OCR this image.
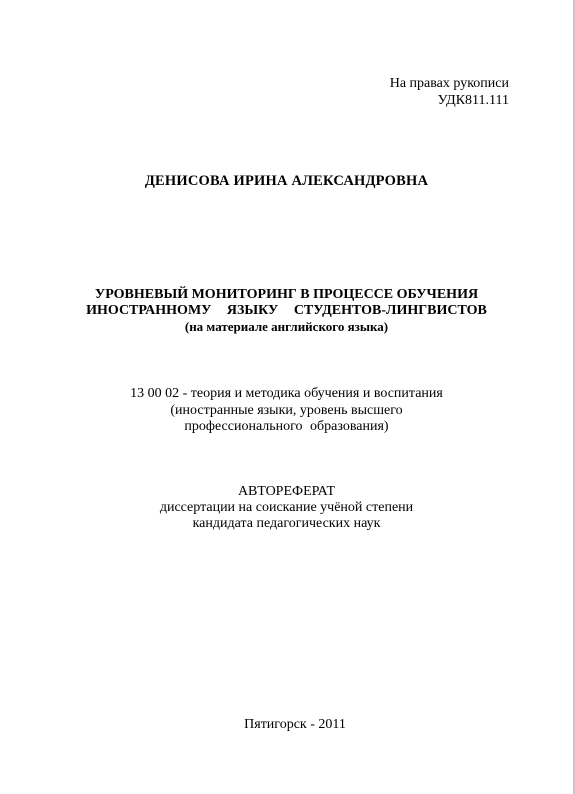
На правах рукописи
УДК811.111
ДЕНИСОВА ИРИНА АЛЕКСАНДРОВНА
УРОВНЕВЫЙ МОНИТОРИНГ В ПРОЦЕССЕ ОБУЧЕНИЯ
ИНОСТРАННОМУ ЯЗЫКУ СТУДЕНТОВ-ЛИНГВИСТОВ
(на материале английского языка)
13 00 02 - теория и методика обучения и воспитания
(иностранные языки, уровень высшего
профессионального образования)
АВТОРЕФЕРАТ
диссертации на соискание учёной степени
кандидата педагогических наук
Пятигорск - 2011
